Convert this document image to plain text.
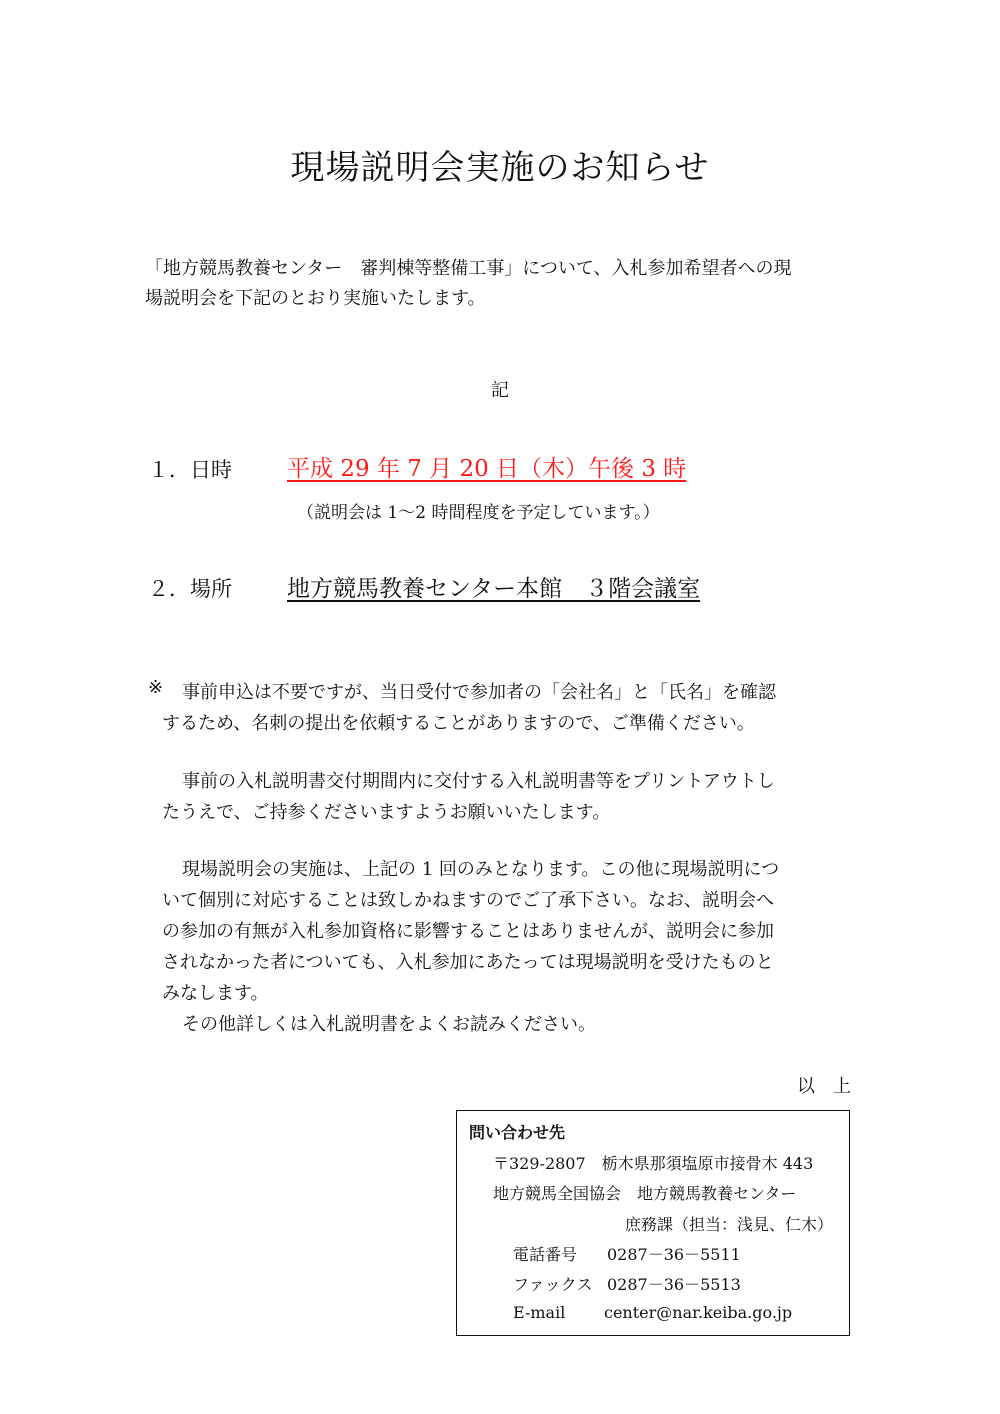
現場説明会実施のお知らせ
「地方競馬教養センター　審判棟等整備工事」について、入札参加希望者への現
場説明会を下記のとおり実施いたします。
記
１．日時 平成 29 年 7 月 20 日（木）午後 3 時
（説明会は 1～2 時間程度を予定しています。）
２．場所 地方競馬教養センター本館　３階会議室
※	事前申込は不要ですが、当日受付で参加者の「会社名」と「氏名」を確認
するため、名刺の提出を依頼することがありますので、ご準備ください。
事前の入札説明書交付期間内に交付する入札説明書等をプリントアウトし
たうえで、ご持参くださいますようお願いいたします。
現場説明会の実施は、上記の 1 回のみとなります。この他に現場説明につ
いて個別に対応することは致しかねますのでご了承下さい。なお、説明会へ
の参加の有無が入札参加資格に影響することはありませんが、説明会に参加
されなかった者についても、入札参加にあたっては現場説明を受けたものと
みなします。
その他詳しくは入札説明書をよくお読みください。
以　上
問い合わせ先
〒329-2807　栃木県那須塩原市接骨木 443
地方競馬全国協会　地方競馬教養センター
庶務課（担当：浅見、仁木）
電話番号 0287－36－5511
ファックス 0287－36－5513
E-mail center@nar.keiba.go.jp
